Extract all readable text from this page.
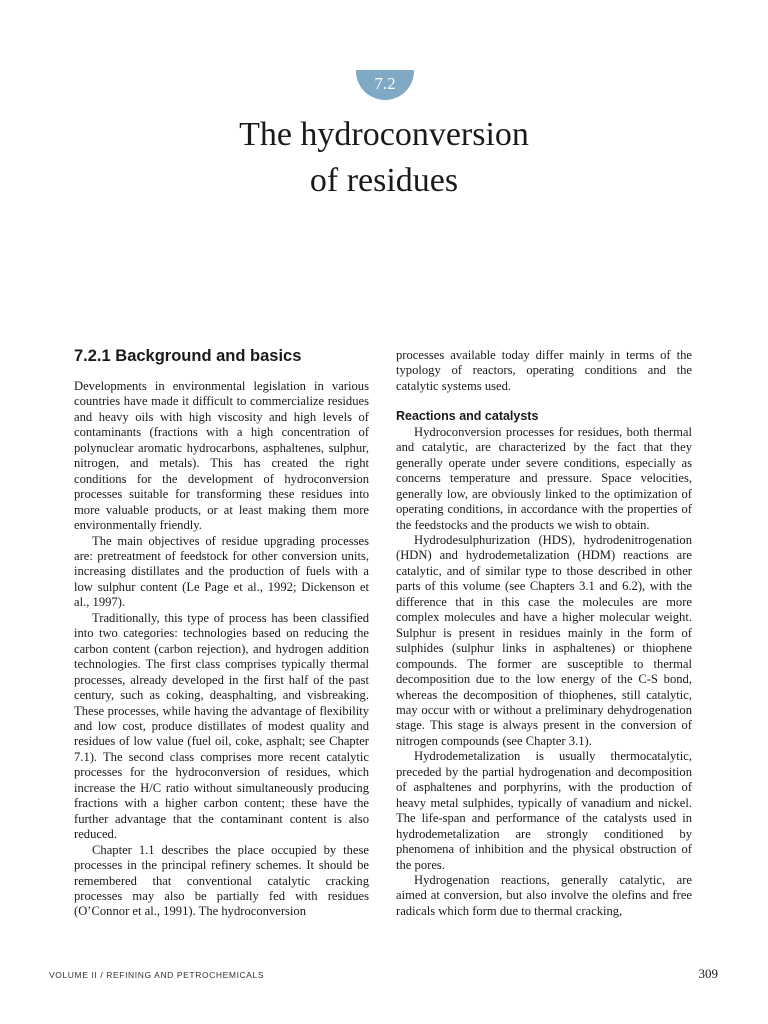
7.2
The hydroconversion
of residues
7.2.1 Background and basics

Developments in environmental legislation in various countries have made it difficult to commercialize residues and heavy oils with high viscosity and high levels of contaminants (fractions with a high concentration of polynuclear aromatic hydrocarbons, asphaltenes, sulphur, nitrogen, and metals). This has created the right conditions for the development of hydroconversion processes suitable for transforming these residues into more valuable products, or at least making them more environmentally friendly.

The main objectives of residue upgrading processes are: pretreatment of feedstock for other conversion units, increasing distillates and the production of fuels with a low sulphur content (Le Page et al., 1992; Dickenson et al., 1997).

Traditionally, this type of process has been classified into two categories: technologies based on reducing the carbon content (carbon rejection), and hydrogen addition technologies. The first class comprises typically thermal processes, already developed in the first half of the past century, such as coking, deasphalting, and visbreaking. These processes, while having the advantage of flexibility and low cost, produce distillates of modest quality and residues of low value (fuel oil, coke, asphalt; see Chapter 7.1). The second class comprises more recent catalytic processes for the hydroconversion of residues, which increase the H/C ratio without simultaneously producing fractions with a higher carbon content; these have the further advantage that the contaminant content is also reduced.

Chapter 1.1 describes the place occupied by these processes in the principal refinery schemes. It should be remembered that conventional catalytic cracking processes may also be partially fed with residues (O’Connor et al., 1991). The hydroconversion

processes available today differ mainly in terms of the typology of reactors, operating conditions and the catalytic systems used.

Reactions and catalysts

Hydroconversion processes for residues, both thermal and catalytic, are characterized by the fact that they generally operate under severe conditions, especially as concerns temperature and pressure. Space velocities, generally low, are obviously linked to the optimization of operating conditions, in accordance with the properties of the feedstocks and the products we wish to obtain.

Hydrodesulphurization (HDS), hydrodenitrogenation (HDN) and hydrodemetalization (HDM) reactions are catalytic, and of similar type to those described in other parts of this volume (see Chapters 3.1 and 6.2), with the difference that in this case the molecules are more complex molecules and have a higher molecular weight. Sulphur is present in residues mainly in the form of sulphides (sulphur links in asphaltenes) or thiophene compounds. The former are susceptible to thermal decomposition due to the low energy of the C-S bond, whereas the decomposition of thiophenes, still catalytic, may occur with or without a preliminary dehydrogenation stage. This stage is always present in the conversion of nitrogen compounds (see Chapter 3.1).

Hydrodemetalization is usually thermocatalytic, preceded by the partial hydrogenation and decomposition of asphaltenes and porphyrins, with the production of heavy metal sulphides, typically of vanadium and nickel. The life-span and performance of the catalysts used in hydrodemetalization are strongly conditioned by phenomena of inhibition and the physical obstruction of the pores.

Hydrogenation reactions, generally catalytic, are aimed at conversion, but also involve the olefins and free radicals which form due to thermal cracking,

VOLUME II / REFINING AND PETROCHEMICALS	309
